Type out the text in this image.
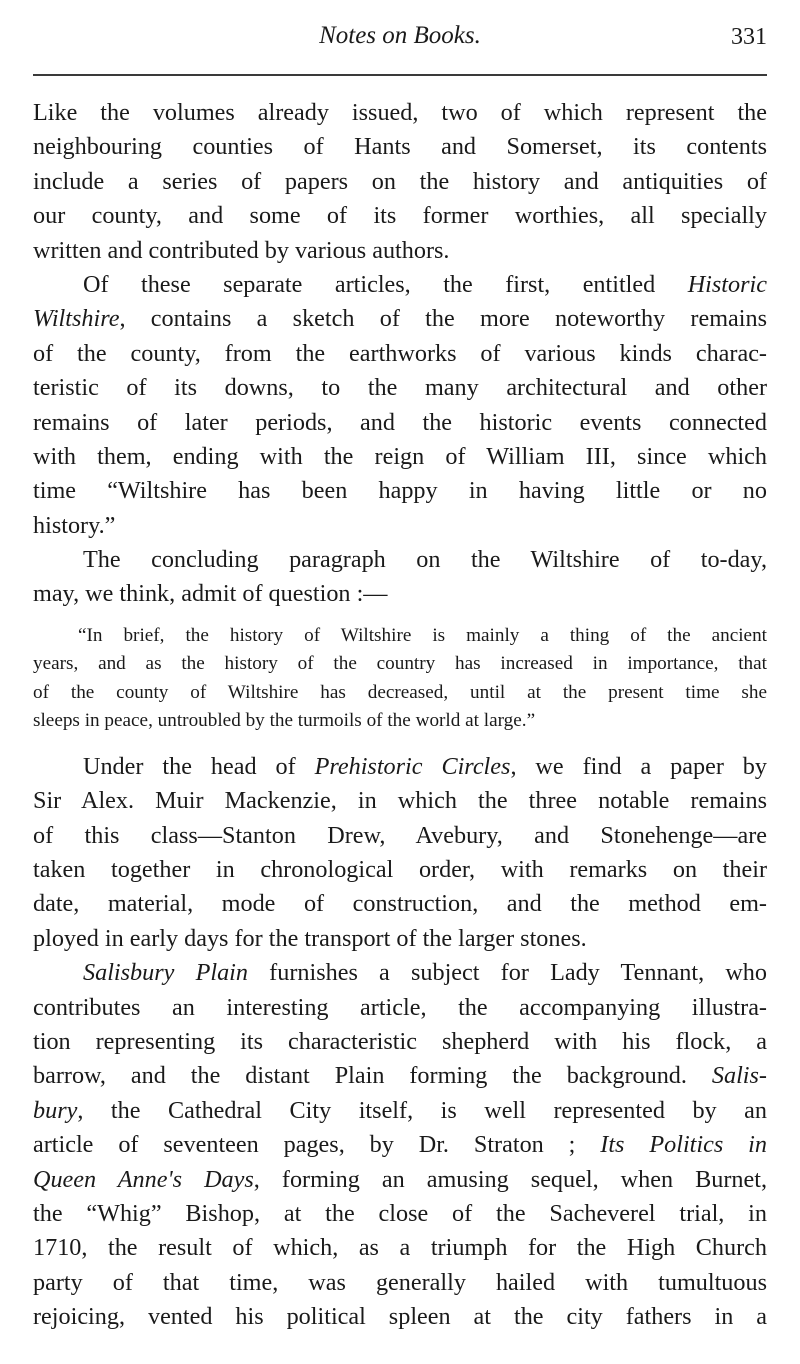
Notes on Books.	331

Like the volumes already issued, two of which represent the
neighbouring counties of Hants and Somerset, its contents
include a series of papers on the history and antiquities of
our county, and some of its former worthies, all specially
written and contributed by various authors.

Of these separate articles, the first, entitled Historic
Wiltshire, contains a sketch of the more noteworthy remains
of the county, from the earthworks of various kinds charac-
teristic of its downs, to the many architectural and other
remains of later periods, and the historic events connected
with them, ending with the reign of William III, since which
time “Wiltshire has been happy in having little or no
history.”

The concluding paragraph on the Wiltshire of to-day,
may, we think, admit of question :—

“In brief, the history of Wiltshire is mainly a thing of the ancient
years, and as the history of the country has increased in importance, that
of the county of Wiltshire has decreased, until at the present time she
sleeps in peace, untroubled by the turmoils of the world at large.”

Under the head of Prehistoric Circles, we find a paper by
Sir Alex. Muir Mackenzie, in which the three notable remains
of this class—Stanton Drew, Avebury, and Stonehenge—are
taken together in chronological order, with remarks on their
date, material, mode of construction, and the method em-
ployed in early days for the transport of the larger stones.

Salisbury Plain furnishes a subject for Lady Tennant, who
contributes an interesting article, the accompanying illustra-
tion representing its characteristic shepherd with his flock, a
barrow, and the distant Plain forming the background. Salis-
bury, the Cathedral City itself, is well represented by an
article of seventeen pages, by Dr. Straton ; Its Politics in
Queen Anne's Days, forming an amusing sequel, when Burnet,
the “Whig” Bishop, at the close of the Sacheverel trial, in
1710, the result of which, as a triumph for the High Church
party of that time, was generally hailed with tumultuous
rejoicing, vented his political spleen at the city fathers in a
